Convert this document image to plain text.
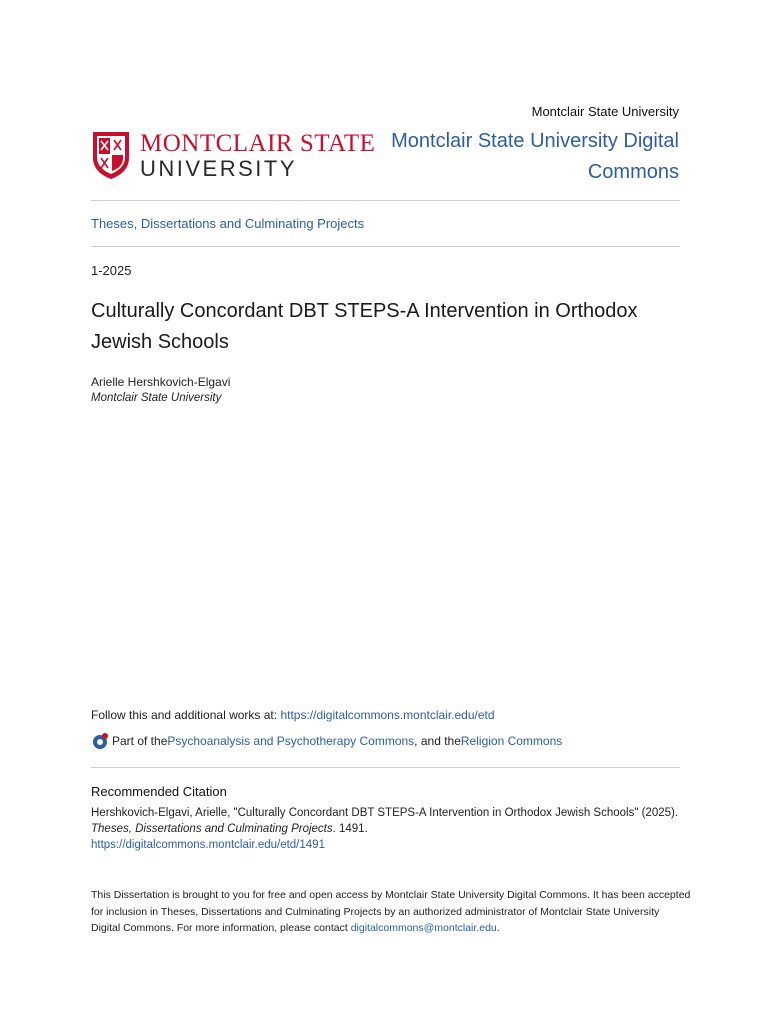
Montclair State University
Montclair State University Digital Commons
MONTCLAIR STATE
UNIVERSITY
Theses, Dissertations and Culminating Projects
1-2025
Culturally Concordant DBT STEPS-A Intervention in Orthodox Jewish Schools
Arielle Hershkovich-Elgavi
Montclair State University
Follow this and additional works at: https://digitalcommons.montclair.edu/etd
Part of the Psychoanalysis and Psychotherapy Commons , and the Religion Commons
Recommended Citation
Hershkovich-Elgavi, Arielle, "Culturally Concordant DBT STEPS-A Intervention in Orthodox Jewish Schools" (2025). Theses, Dissertations and Culminating Projects. 1491.
https://digitalcommons.montclair.edu/etd/1491
This Dissertation is brought to you for free and open access by Montclair State University Digital Commons. It has been accepted for inclusion in Theses, Dissertations and Culminating Projects by an authorized administrator of Montclair State University Digital Commons. For more information, please contact digitalcommons@montclair.edu.
